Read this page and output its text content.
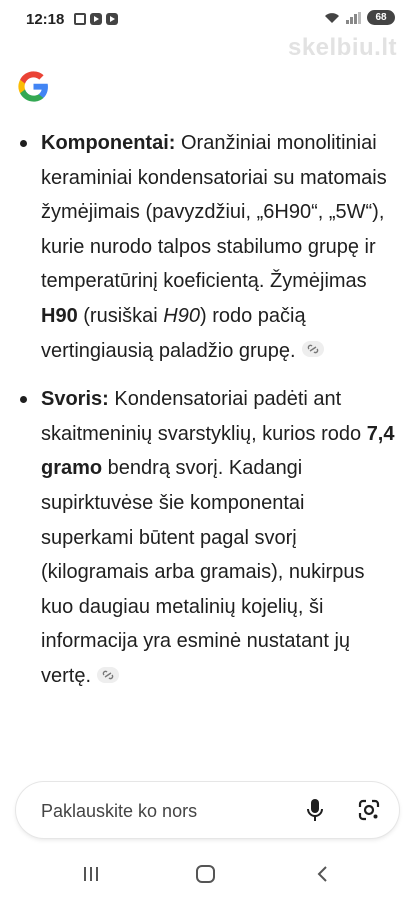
12:18	68
skelbiu.lt
Komponentai: Oranžiniai monolitiniai keraminiai kondensatoriai su matomais žymėjimais (pavyzdžiui, „6H90“, „5W“), kurie nurodo talpos stabilumo grupę ir temperatūrinį koeficientą. Žymėjimas H90 (rusiškai Н90) rodo pačią vertingiausią paladžio grupę.
Svoris: Kondensatoriai padėti ant skaitmeninių svarstyklių, kurios rodo 7,4 gramo bendrą svorį. Kadangi supirktuvėse šie komponentai superkami būtent pagal svorį (kilogramais arba gramais), nukirpus kuo daugiau metalinių kojelių, ši informacija yra esminė nustatant jų vertę.
Paklauskite ko nors
